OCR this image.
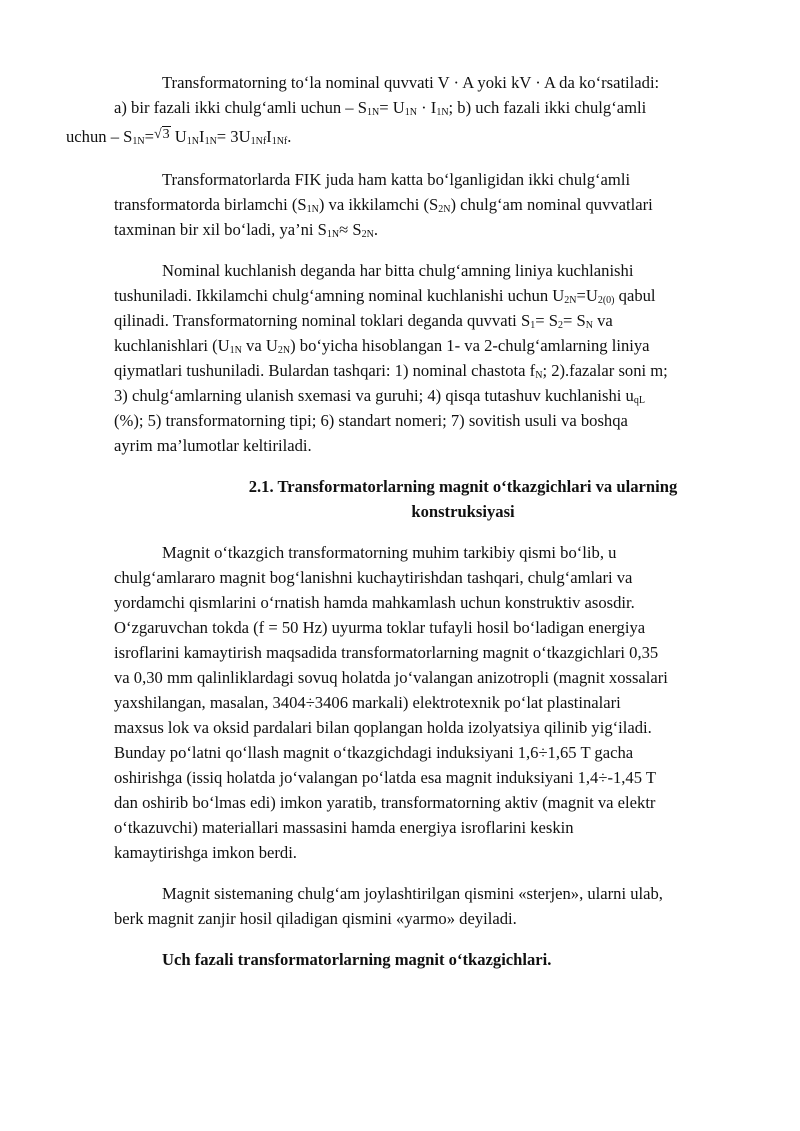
Transformatorning to‘la nominal quvvati V · A yoki kV · A da ko‘rsatiladi:
a) bir fazali ikki chulg‘amli uchun – $S_{1N}= U_{1N} \cdot I_{1N}$; b) uch fazali ikki chulg‘amli
uchun – $S_{1N}=√3$ $U_{1N}I_{1N}= 3U_{1Nf}I_{1Nf}$.

Transformatorlarda FIK juda ham katta bo‘lganligidan ikki chulg‘amli
transformatorda birlamchi $(S_{1N})$ va ikkilamchi $(S_{2N})$ chulg‘am nominal quvvatlari
taxminan bir xil bo‘ladi, ya’ni $S_{1N}\approx S_{2N}$.

Nominal kuchlanish deganda har bitta chulg‘amning liniya kuchlanishi
tushuniladi. Ikkilamchi chulg‘amning nominal kuchlanishi uchun $U_{2N}=U_{2(0)}$ qabul
qilinadi. Transformatorning nominal toklari deganda quvvati $S_1= S_2= S_N$ va
kuchlanishlari ($U_{1N}$ va $U_{2N}$) bo‘yicha hisoblangan 1- va 2-chulg‘amlarning liniya
qiymatlari tushuniladi. Bulardan tashqari: 1) nominal chastota $f_N$; 2).fazalar soni m;
3) chulg‘amlarning ulanish sxemasi va guruhi; 4) qisqa tutashuv kuchlanishi $u_{qL}$
(%); 5) transformatorning tipi; 6) standart nomeri; 7) sovitish usuli va boshqa
ayrim ma’lumotlar keltiriladi.

2.1. Transformatorlarning magnit o‘tkazgichlari va ularning
konstruksiyasi

Magnit o‘tkazgich transformatorning muhim tarkibiy qismi bo‘lib, u
chulg‘amlararo magnit bog‘lanishni kuchaytirishdan tashqari, chulg‘amlari va
yordamchi qismlarini o‘rnatish hamda mahkamlash uchun konstruktiv asosdir.
O‘zgaruvchan tokda (f = 50 Hz) uyurma toklar tufayli hosil bo‘ladigan energiya
isroflarini kamaytirish maqsadida transformatorlarning magnit o‘tkazgichlari 0,35
va 0,30 mm qalinliklardagi sovuq holatda jo‘valangan anizotropli (magnit xossalari
yaxshilangan, masalan, 3404÷3406 markali) elektrotexnik po‘lat plastinalari
maxsus lok va oksid pardalari bilan qoplangan holda izolyatsiya qilinib yig‘iladi.
Bunday po‘latni qo‘llash magnit o‘tkazgichdagi induksiyani 1,6÷1,65 T gacha
oshirishga (issiq holatda jo‘valangan po‘latda esa magnit induksiyani 1,4÷-1,45 T
dan oshirib bo‘lmas edi) imkon yaratib, transformatorning aktiv (magnit va elektr
o‘tkazuvchi) materiallari massasini hamda energiya isroflarini keskin
kamaytirishga imkon berdi.

Magnit sistemaning chulg‘am joylashtirilgan qismini «sterjen», ularni ulab,
berk magnit zanjir hosil qiladigan qismini «yarmo» deyiladi.

Uch fazali transformatorlarning magnit o‘tkazgichlari.
